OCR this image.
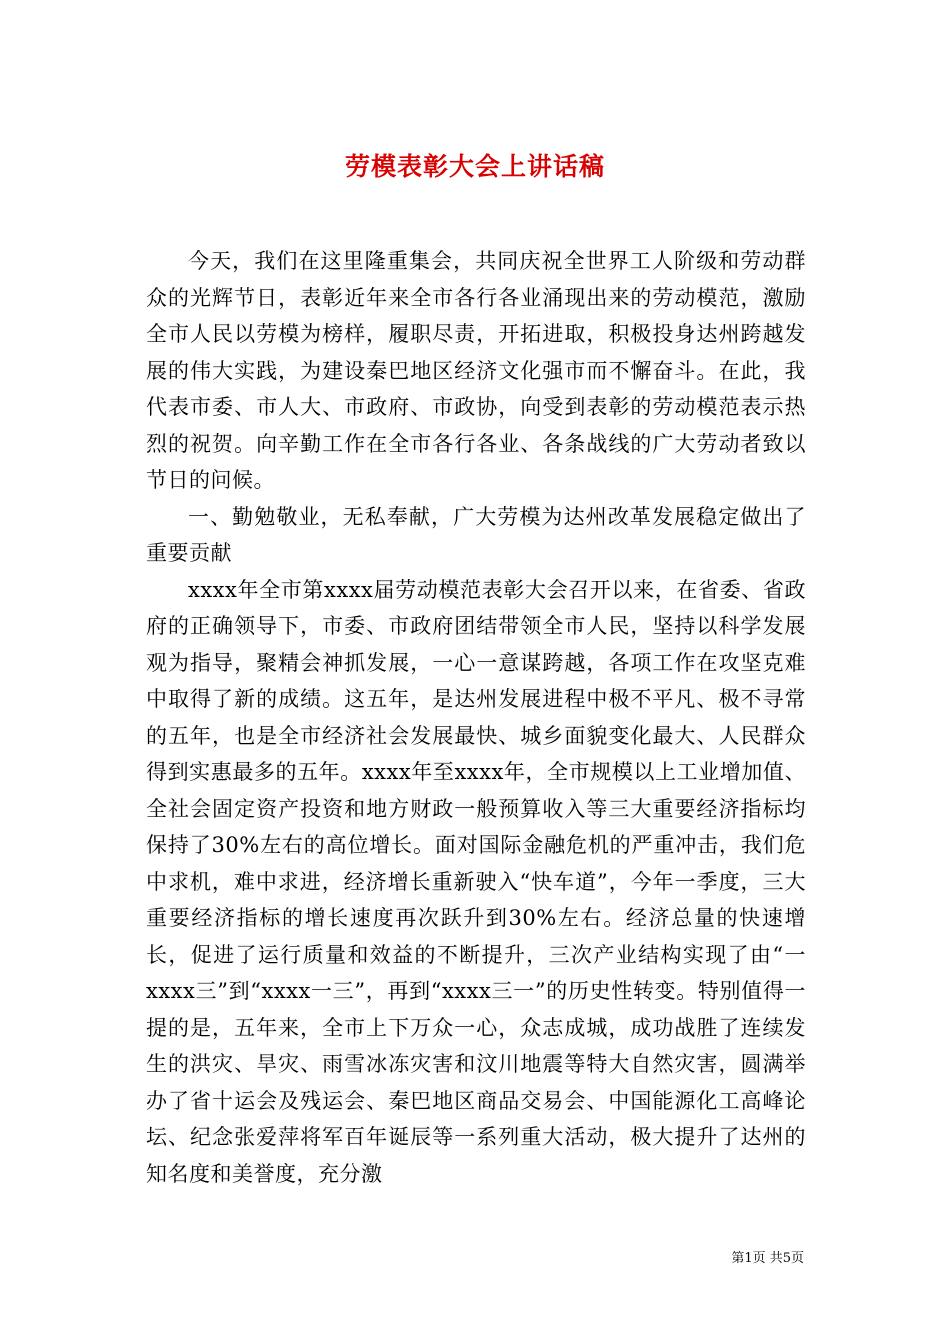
劳模表彰大会上讲话稿

今天，我们在这里隆重集会，共同庆祝全世界工人阶级和劳动群众的光辉节日，表彰近年来全市各行各业涌现出来的劳动模范，激励全市人民以劳模为榜样，履职尽责，开拓进取，积极投身达州跨越发展的伟大实践，为建设秦巴地区经济文化强市而不懈奋斗。在此，我代表市委、市人大、市政府、市政协，向受到表彰的劳动模范表示热烈的祝贺。向辛勤工作在全市各行各业、各条战线的广大劳动者致以节日的问候。

一、勤勉敬业，无私奉献，广大劳模为达州改革发展稳定做出了重要贡献

xxxx年全市第xxxx届劳动模范表彰大会召开以来，在省委、省政府的正确领导下，市委、市政府团结带领全市人民，坚持以科学发展观为指导，聚精会神抓发展，一心一意谋跨越，各项工作在攻坚克难中取得了新的成绩。这五年，是达州发展进程中极不平凡、极不寻常的五年，也是全市经济社会发展最快、城乡面貌变化最大、人民群众得到实惠最多的五年。xxxx年至xxxx年，全市规模以上工业增加值、全社会固定资产投资和地方财政一般预算收入等三大重要经济指标均保持了30%左右的高位增长。面对国际金融危机的严重冲击，我们危中求机，难中求进，经济增长重新驶入“快车道”，今年一季度，三大重要经济指标的增长速度再次跃升到30%左右。经济总量的快速增长，促进了运行质量和效益的不断提升，三次产业结构实现了由“一xxxx三”到“xxxx一三”，再到“xxxx三一”的历史性转变。特别值得一提的是，五年来，全市上下万众一心，众志成城，成功战胜了连续发生的洪灾、旱灾、雨雪冰冻灾害和汶川地震等特大自然灾害，圆满举办了省十运会及残运会、秦巴地区商品交易会、中国能源化工高峰论坛、纪念张爱萍将军百年诞辰等一系列重大活动，极大提升了达州的知名度和美誉度，充分激

第1页 共5页
